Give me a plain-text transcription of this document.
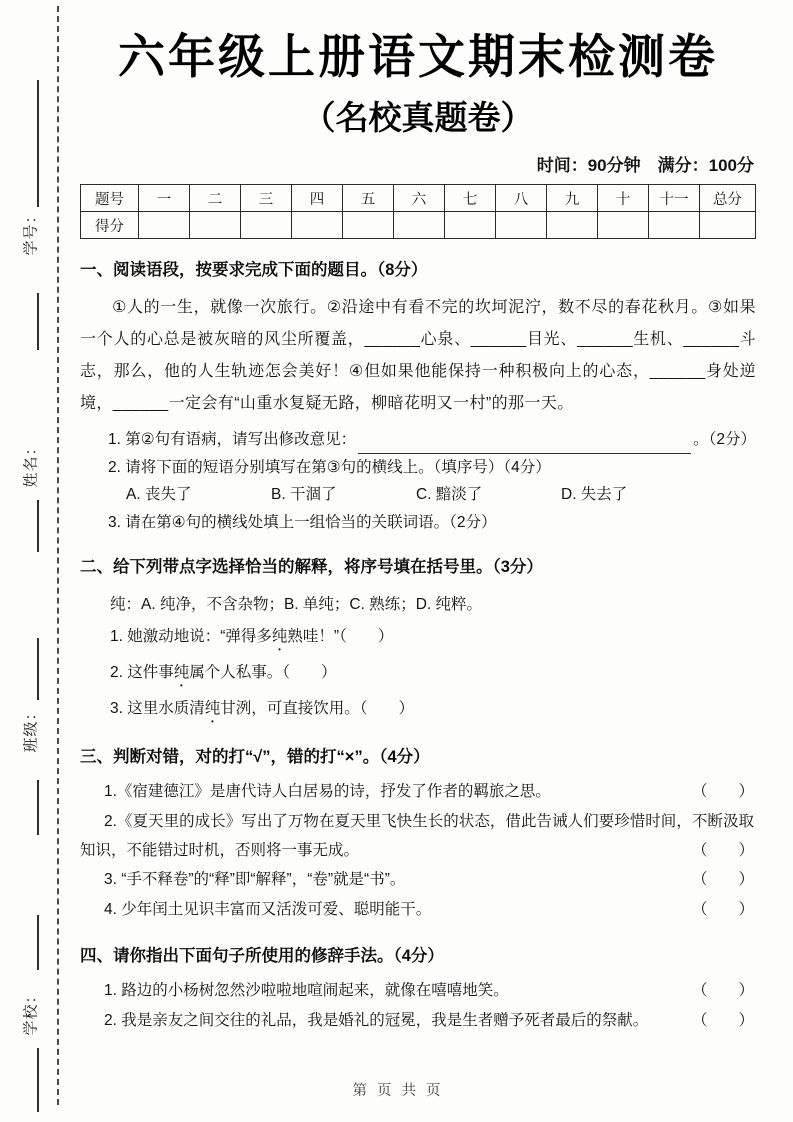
学号：
姓名：
班级：
学校：
六年级上册语文期末检测卷
（名校真题卷）
时间：90分钟　满分：100分
题号	一	二	三	四	五	六	七	八	九	十	十一	总分
得分												
一、阅读语段，按要求完成下面的题目。（8分）

①人的一生，就像一次旅行。②沿途中有看不完的坎坷泥泞，数不尽的春花秋月。③如果一个人的心总是被灰暗的风尘所覆盖，______心泉、______目光、______生机、______斗志，那么，他的人生轨迹怎会美好！④但如果他能保持一种积极向上的心态，______身处逆境，______一定会有“山重水复疑无路，柳暗花明又一村”的那一天。

1. 第②句有语病，请写出修改意见：	。（2分）
2. 请将下面的短语分别填写在第③句的横线上。（填序号）（4分）
A. 丧失了	B. 干涸了	C. 黯淡了	D. 失去了
3. 请在第④句的横线处填上一组恰当的关联词语。（2分）
二、给下列带点字选择恰当的解释，将序号填在括号里。（3分）

纯：A. 纯净，不含杂物；B. 单纯；C. 熟练；D. 纯粹。

1. 她激动地说：“弹得多纯熟哇！”（　　）

2. 这件事纯属个人私事。（　　）

3. 这里水质清纯甘洌，可直接饮用。（　　）

三、判断对错，对的打“√”，错的打“×”。（4分）
1.《宿建德江》是唐代诗人白居易的诗，抒发了作者的羁旅之思。	（　　）
2.《夏天里的成长》写出了万物在夏天里飞快生长的状态，借此告诫人们要珍惜时间，不断汲取知识，不能错过时机，否则将一事无成。	（　　）
3. “手不释卷”的“释”即“解释”，“卷”就是“书”。	（　　）
4. 少年闰土见识丰富而又活泼可爱、聪明能干。	（　　）
四、请你指出下面句子所使用的修辞手法。（4分）
1. 路边的小杨树忽然沙啦啦地喧闹起来，就像在嘻嘻地笑。	（　　）
2. 我是亲友之间交往的礼品，我是婚礼的冠冕，我是生者赠予死者最后的祭献。	（　　）
第页共页
